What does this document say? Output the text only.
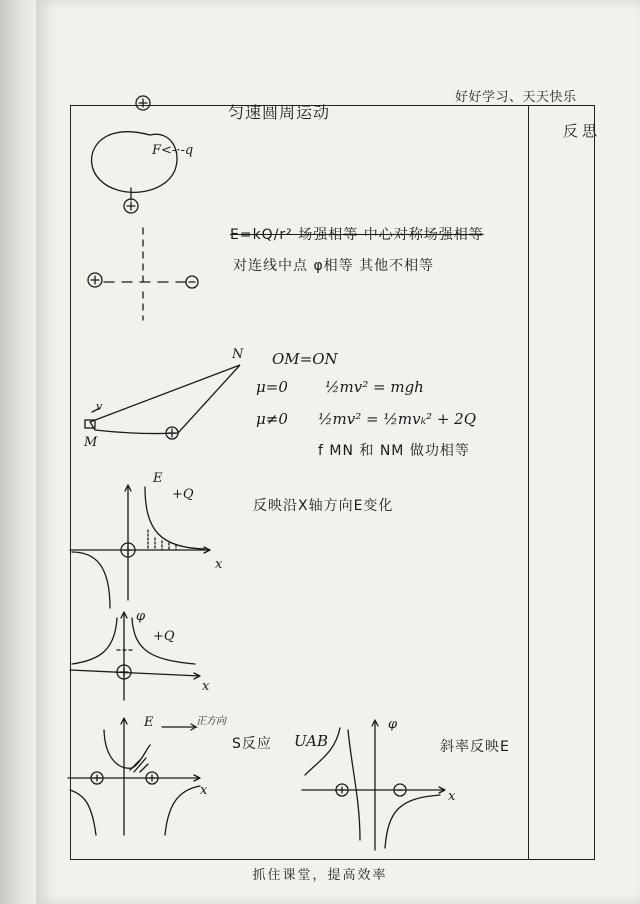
好好学习、天天快乐
反思
匀速圆周运动
E=kQ/r² 场强相等 中心对称场强相等
对连线中点 φ相等 其他不相等
OM=ON
μ=0 ½mv² = mgh
μ≠0 ½mv² = ½mvₖ² + 2Q
f MN 和 NM 做功相等
反映沿X轴方向E变化
S反应 UAB	斜率反映E
F<-·-q
N
M
v
E
+Q
x
φ
+Q
x
E	正方向
x
φ
x
抓住课堂，提高效率
